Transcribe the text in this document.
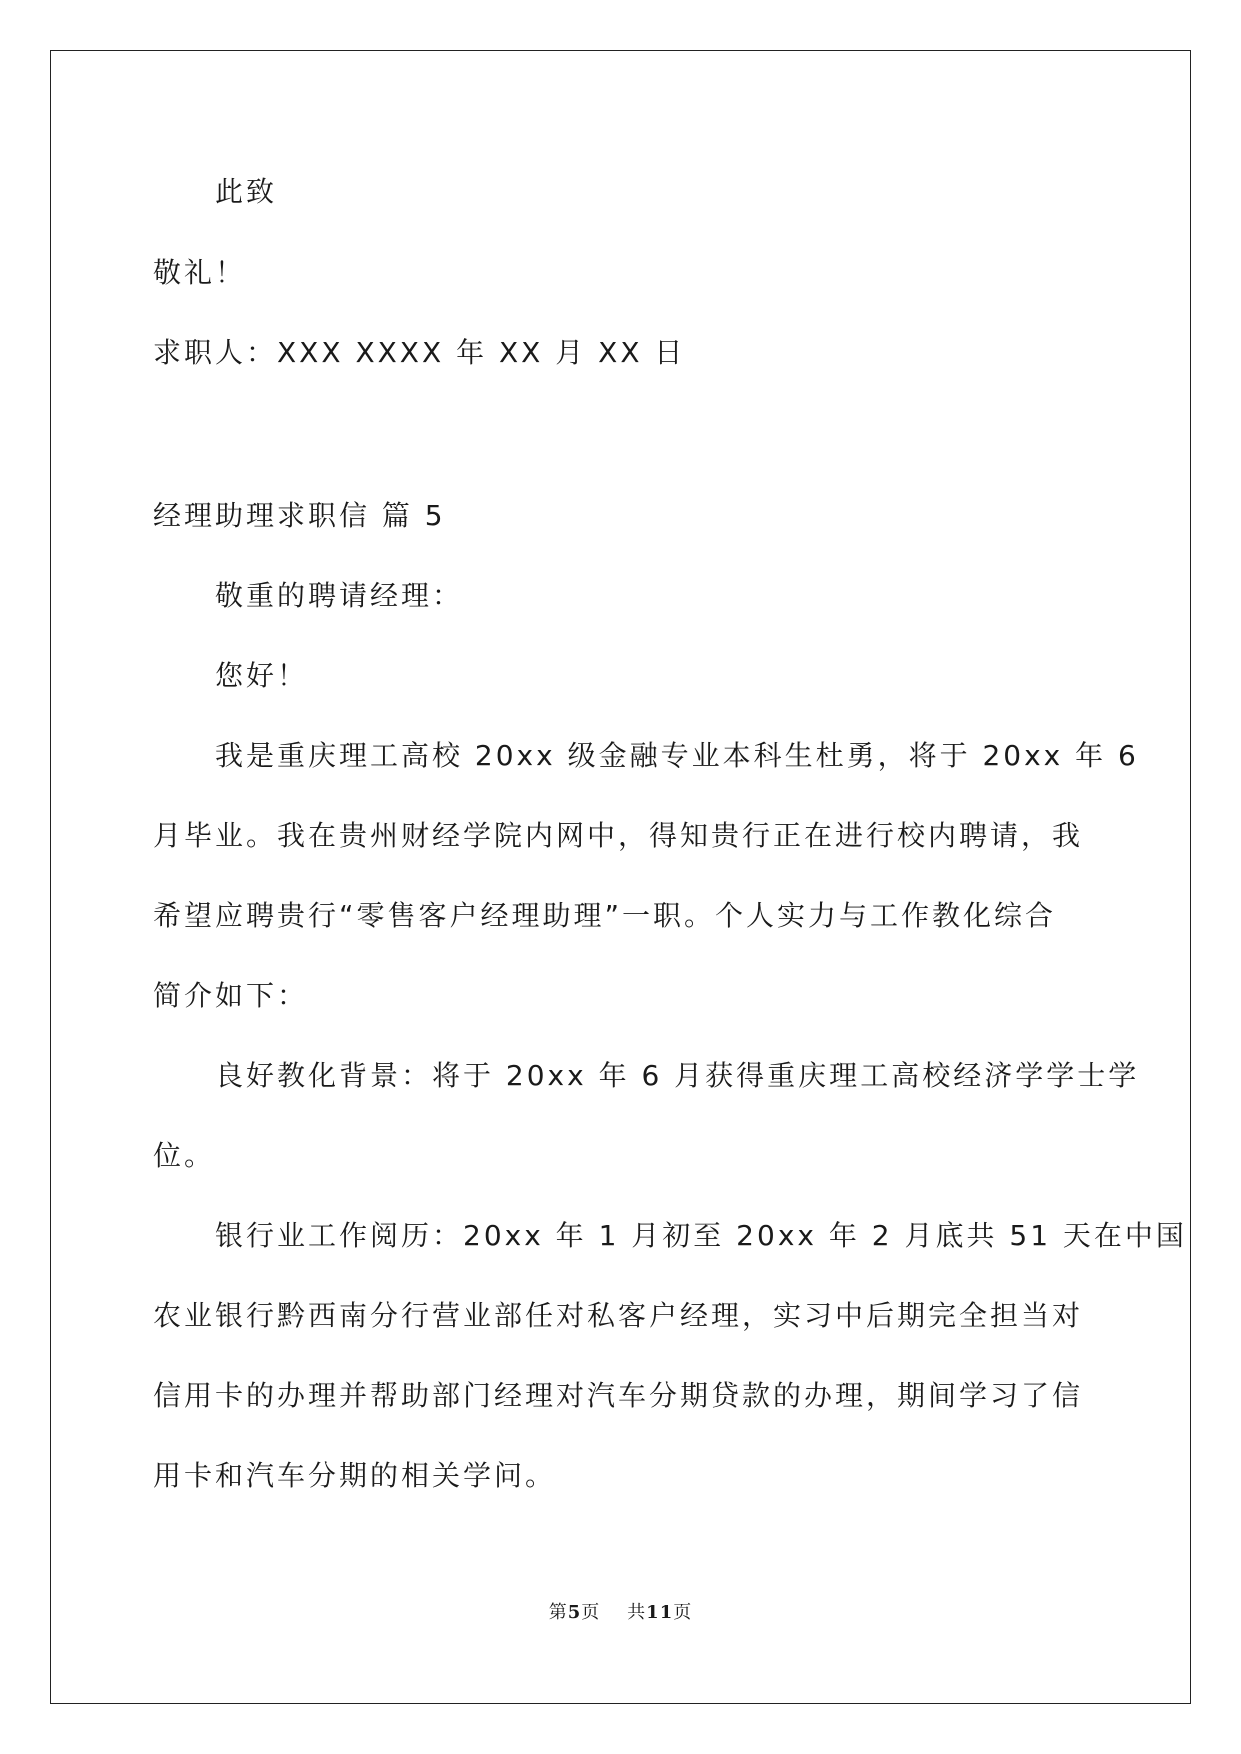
此致
敬礼！
求职人：XXX XXXX 年 XX 月 XX 日
经理助理求职信 篇 5
敬重的聘请经理：
您好！
我是重庆理工高校 20xx 级金融专业本科生杜勇，将于 20xx 年 6
月毕业。我在贵州财经学院内网中，得知贵行正在进行校内聘请，我
希望应聘贵行“零售客户经理助理”一职。个人实力与工作教化综合
简介如下：
良好教化背景：将于 20xx 年 6 月获得重庆理工高校经济学学士学
位。
银行业工作阅历：20xx 年 1 月初至 20xx 年 2 月底共 51 天在中国
农业银行黔西南分行营业部任对私客户经理，实习中后期完全担当对
信用卡的办理并帮助部门经理对汽车分期贷款的办理，期间学习了信
用卡和汽车分期的相关学问。
第5页 共11页
